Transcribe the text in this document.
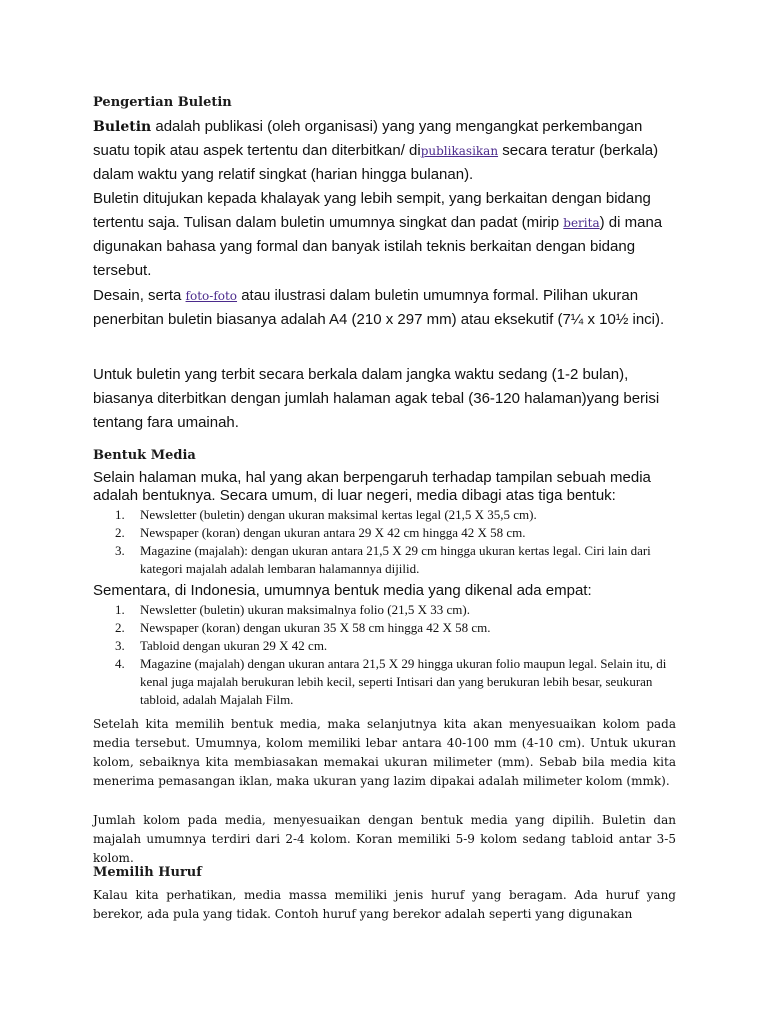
Pengertian Buletin
Buletin adalah publikasi (oleh organisasi) yang yang mengangkat perkembangan suatu topik atau aspek tertentu dan diterbitkan/ dipublikasikan secara teratur (berkala) dalam waktu yang relatif singkat (harian hingga bulanan).
Buletin ditujukan kepada khalayak yang lebih sempit, yang berkaitan dengan bidang tertentu saja. Tulisan dalam buletin umumnya singkat dan padat (mirip berita) di mana digunakan bahasa yang formal dan banyak istilah teknis berkaitan dengan bidang tersebut.
Desain, serta foto-foto atau ilustrasi dalam buletin umumnya formal. Pilihan ukuran penerbitan buletin biasanya adalah A4 (210 x 297 mm) atau eksekutif (7¼ x 10½ inci).
Untuk buletin yang terbit secara berkala dalam jangka waktu sedang (1-2 bulan), biasanya diterbitkan dengan jumlah halaman agak tebal (36-120 halaman)yang berisi tentang fara umainah.
Bentuk Media
Selain halaman muka, hal yang akan berpengaruh terhadap tampilan sebuah media adalah bentuknya. Secara umum, di luar negeri, media dibagi atas tiga bentuk:
1. Newsletter (buletin) dengan ukuran maksimal kertas legal (21,5 X 35,5 cm).
2. Newspaper (koran) dengan ukuran antara 29 X 42 cm hingga 42 X 58 cm.
3. Magazine (majalah): dengan ukuran antara 21,5 X 29 cm hingga ukuran kertas legal. Ciri lain dari kategori majalah adalah lembaran halamannya dijilid.
Sementara, di Indonesia, umumnya bentuk media yang dikenal ada empat:
1. Newsletter (buletin) ukuran maksimalnya folio (21,5 X 33 cm).
2. Newspaper (koran) dengan ukuran 35 X 58 cm hingga 42 X 58 cm.
3. Tabloid dengan ukuran 29 X 42 cm.
4. Magazine (majalah) dengan ukuran antara 21,5 X 29 hingga ukuran folio maupun legal. Selain itu, di kenal juga majalah berukuran lebih kecil, seperti Intisari dan yang berukuran lebih besar, seukuran tabloid, adalah Majalah Film.
Setelah kita memilih bentuk media, maka selanjutnya kita akan menyesuaikan kolom pada media tersebut. Umumnya, kolom memiliki lebar antara 40-100 mm (4-10 cm). Untuk ukuran kolom, sebaiknya kita membiasakan memakai ukuran milimeter (mm). Sebab bila media kita menerima pemasangan iklan, maka ukuran yang lazim dipakai adalah milimeter kolom (mmk).
Jumlah kolom pada media, menyesuaikan dengan bentuk media yang dipilih. Buletin dan majalah umumnya terdiri dari 2-4 kolom. Koran memiliki 5-9 kolom sedang tabloid antar 3-5 kolom.
Memilih Huruf
Kalau kita perhatikan, media massa memiliki jenis huruf yang beragam. Ada huruf yang berekor, ada pula yang tidak. Contoh huruf yang berekor adalah seperti yang digunakan
